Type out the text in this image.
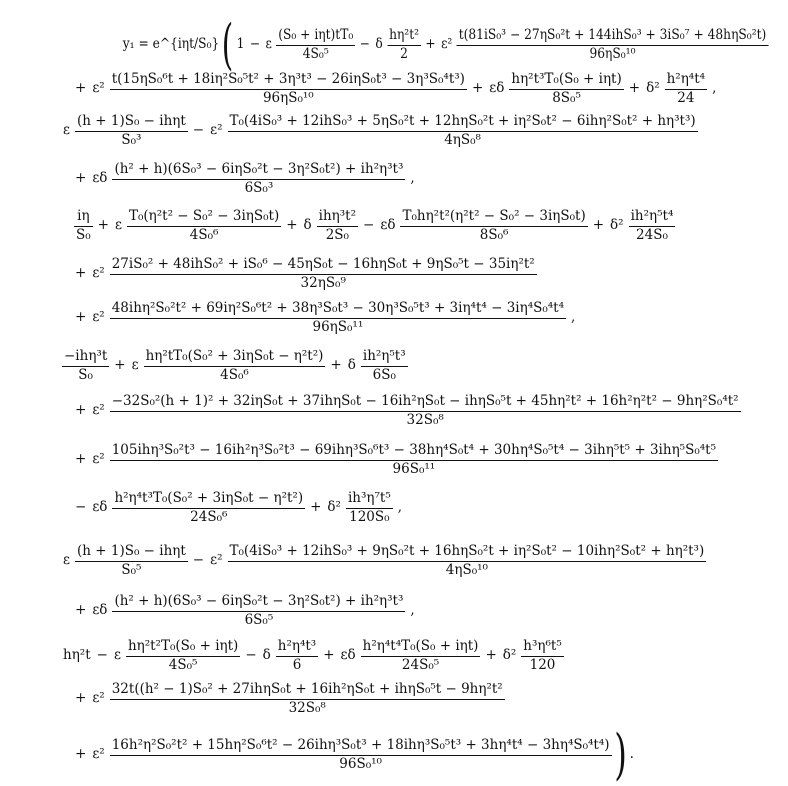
y₁ = e^{iηt/S₀}( 1 − ε $\frac{\text{(S₀ + iηt)tT₀}}{\text{4S₀⁵}} - \delta \frac{\text{hη²t²}}{2} + \varepsilon^2 \frac{\text{t(81iS₀³ − 27ηS₀²t + 144ihS₀³ + 3iS₀⁷ + 48hηS₀²t)}}{\text{96ηS₀¹⁰}}$
+ $\varepsilon^2 \frac{\text{t(15ηS₀⁶t + 18iη²S₀⁵t² + 3η³t³ − 26iηS₀t³ − 3η³S₀⁴t³)}}{\text{96ηS₀¹⁰}} + \varepsilon\delta \frac{\text{hη²t³T₀(S₀ + iηt)}}{\text{8S₀⁵}} + \delta^2 \frac{\text{h²η⁴t⁴}}{24}$ ,
ε $\frac{\text{(h + 1)S₀ − ihηt}}{\text{S₀³}} - \varepsilon^2$
T₀(4iS₀³ + 12ihS₀³ + 5ηS₀²t + 12hηS₀²t + iη²S₀t² − 6ihη²S₀t² + hη³t³)
4ηS₀⁸
+ εδ $\frac{\text{(h² + h)(6S₀³ − 6iηS₀²t − 3η²S₀t²) + ih²η³t³}}{\text{6S₀³}}$ ,
$\frac{i\eta}{\text{S₀}} + \varepsilon \frac{\text{T₀(η²t² − S₀² − 3iηS₀t)}}{\text{4S₀⁶}} + \delta \frac{\text{ihη³t²}}{\text{2S₀}} - \varepsilon\delta \frac{\text{T₀hη²t²(η²t² − S₀² − 3iηS₀t)}}{\text{8S₀⁶}} + \delta^2 \frac{\text{ih²η⁵t⁴}}{\text{24S₀}}$
+ ε²
27iS₀² + 48ihS₀² + iS₀⁶ − 45ηS₀t − 16hηS₀t + 9ηS₀⁵t − 35iη²t²
32ηS₀⁹
+ ε²
48ihη²S₀²t² + 69iη²S₀⁶t² + 38η³S₀t³ − 30η³S₀⁵t³ + 3iη⁴t⁴ − 3iη⁴S₀⁴t⁴
96ηS₀¹¹
,
$\frac{\text{−ihη³t}}{\text{S₀}} + \varepsilon \frac{\text{hη²tT₀(S₀² + 3iηS₀t − η²t²)}}{\text{4S₀⁶}} + \delta \frac{\text{ih²η⁵t³}}{\text{6S₀}}$
+ ε²
−32S₀²(h + 1)² + 32iηS₀t + 37ihηS₀t − 16ih²ηS₀t − ihηS₀⁵t + 45hη²t² + 16h²η²t² − 9hη²S₀⁴t²
32S₀⁸
+ ε²
105ihη³S₀²t³ − 16ih²η³S₀²t³ − 69ihη³S₀⁶t³ − 38hη⁴S₀t⁴ + 30hη⁴S₀⁵t⁴ − 3ihη⁵t⁵ + 3ihη⁵S₀⁴t⁵
96S₀¹¹
− εδ $\frac{\text{h²η⁴t³T₀(S₀² + 3iηS₀t − η²t²)}}{\text{24S₀⁶}} + \delta^2 \frac{\text{ih³η⁷t⁵}}{\text{120S₀}}$ ,
ε $\frac{\text{(h + 1)S₀ − ihηt}}{\text{S₀⁵}} - \varepsilon^2$
T₀(4iS₀³ + 12ihS₀³ + 9ηS₀²t + 16hηS₀²t + iη²S₀t² − 10ihη²S₀t² + hη²t³)
4ηS₀¹⁰
+ εδ $\frac{\text{(h² + h)(6S₀³ − 6iηS₀²t − 3η²S₀t²) + ih²η³t³}}{\text{6S₀⁵}}$ ,
hη²t − ε $\frac{\text{hη²t²T₀(S₀ + iηt)}}{\text{4S₀⁵}} - \delta \frac{\text{h²η⁴t³}}{6} + \varepsilon\delta \frac{\text{h²η⁴t⁴T₀(S₀ + iηt)}}{\text{24S₀⁵}} + \delta^2 \frac{\text{h³η⁶t⁵}}{120}$
+ $\varepsilon^2 \frac{\text{32t((h² − 1)S₀² + 27ihηS₀t + 16ih²ηS₀t + ihηS₀⁵t − 9hη²t²}}{\text{32S₀⁸}}$
+ ε²
16h²η²S₀²t² + 15hη²S₀⁶t² − 26ihη³S₀t³ + 18ihη³S₀⁵t³ + 3hη⁴t⁴ − 3hη⁴S₀⁴t⁴)
96S₀¹⁰	) .
